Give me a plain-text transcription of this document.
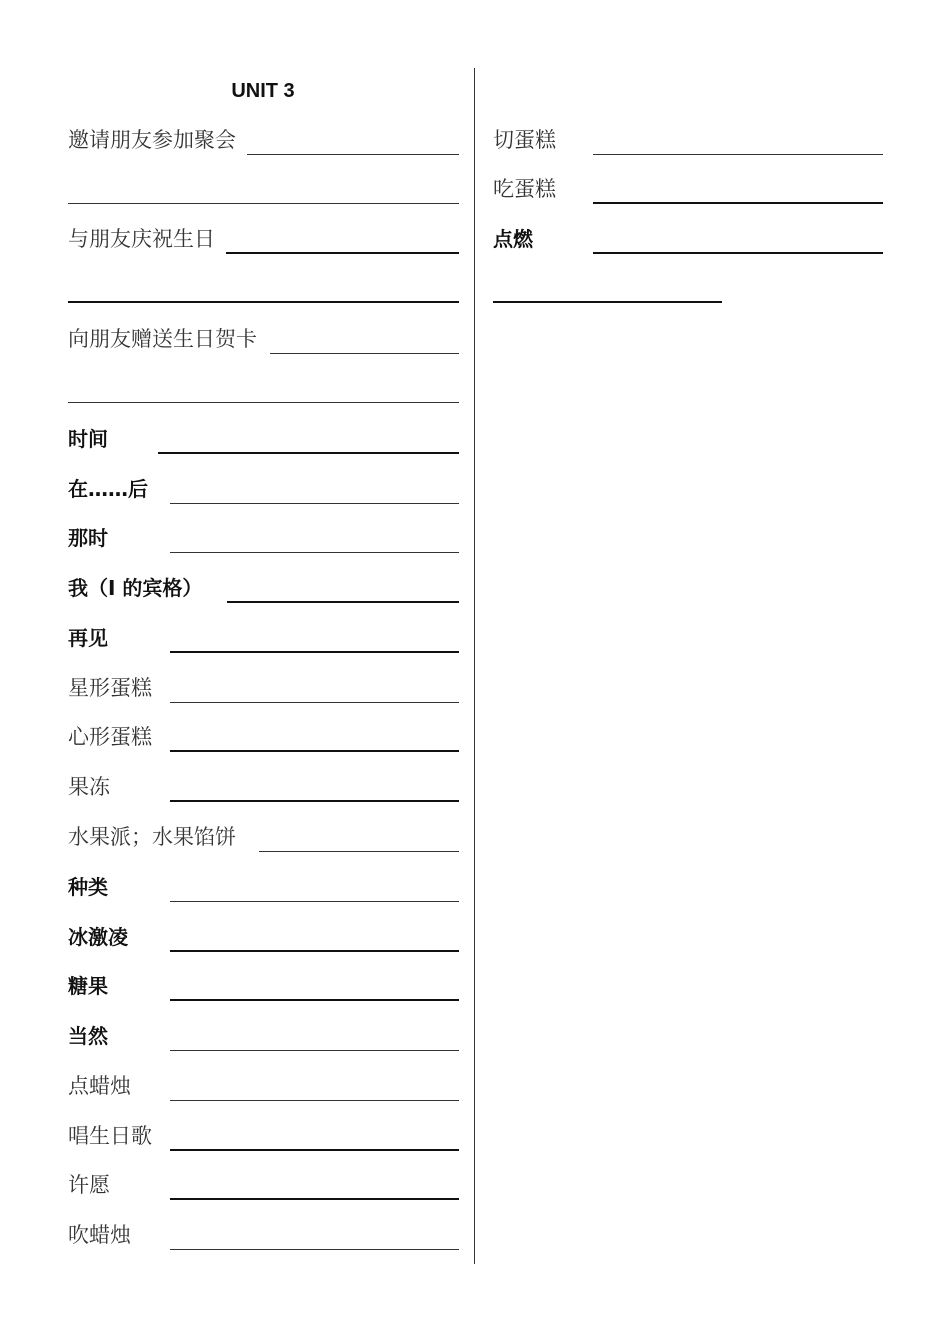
UNIT 3
邀请朋友参加聚会
与朋友庆祝生日
向朋友赠送生日贺卡
时间
在……后
那时
我（I 的宾格）
再见
星形蛋糕
心形蛋糕
果冻
水果派；水果馅饼
种类
冰激凌
糖果
当然
点蜡烛
唱生日歌
许愿
吹蜡烛
切蛋糕
吃蛋糕
点燃
